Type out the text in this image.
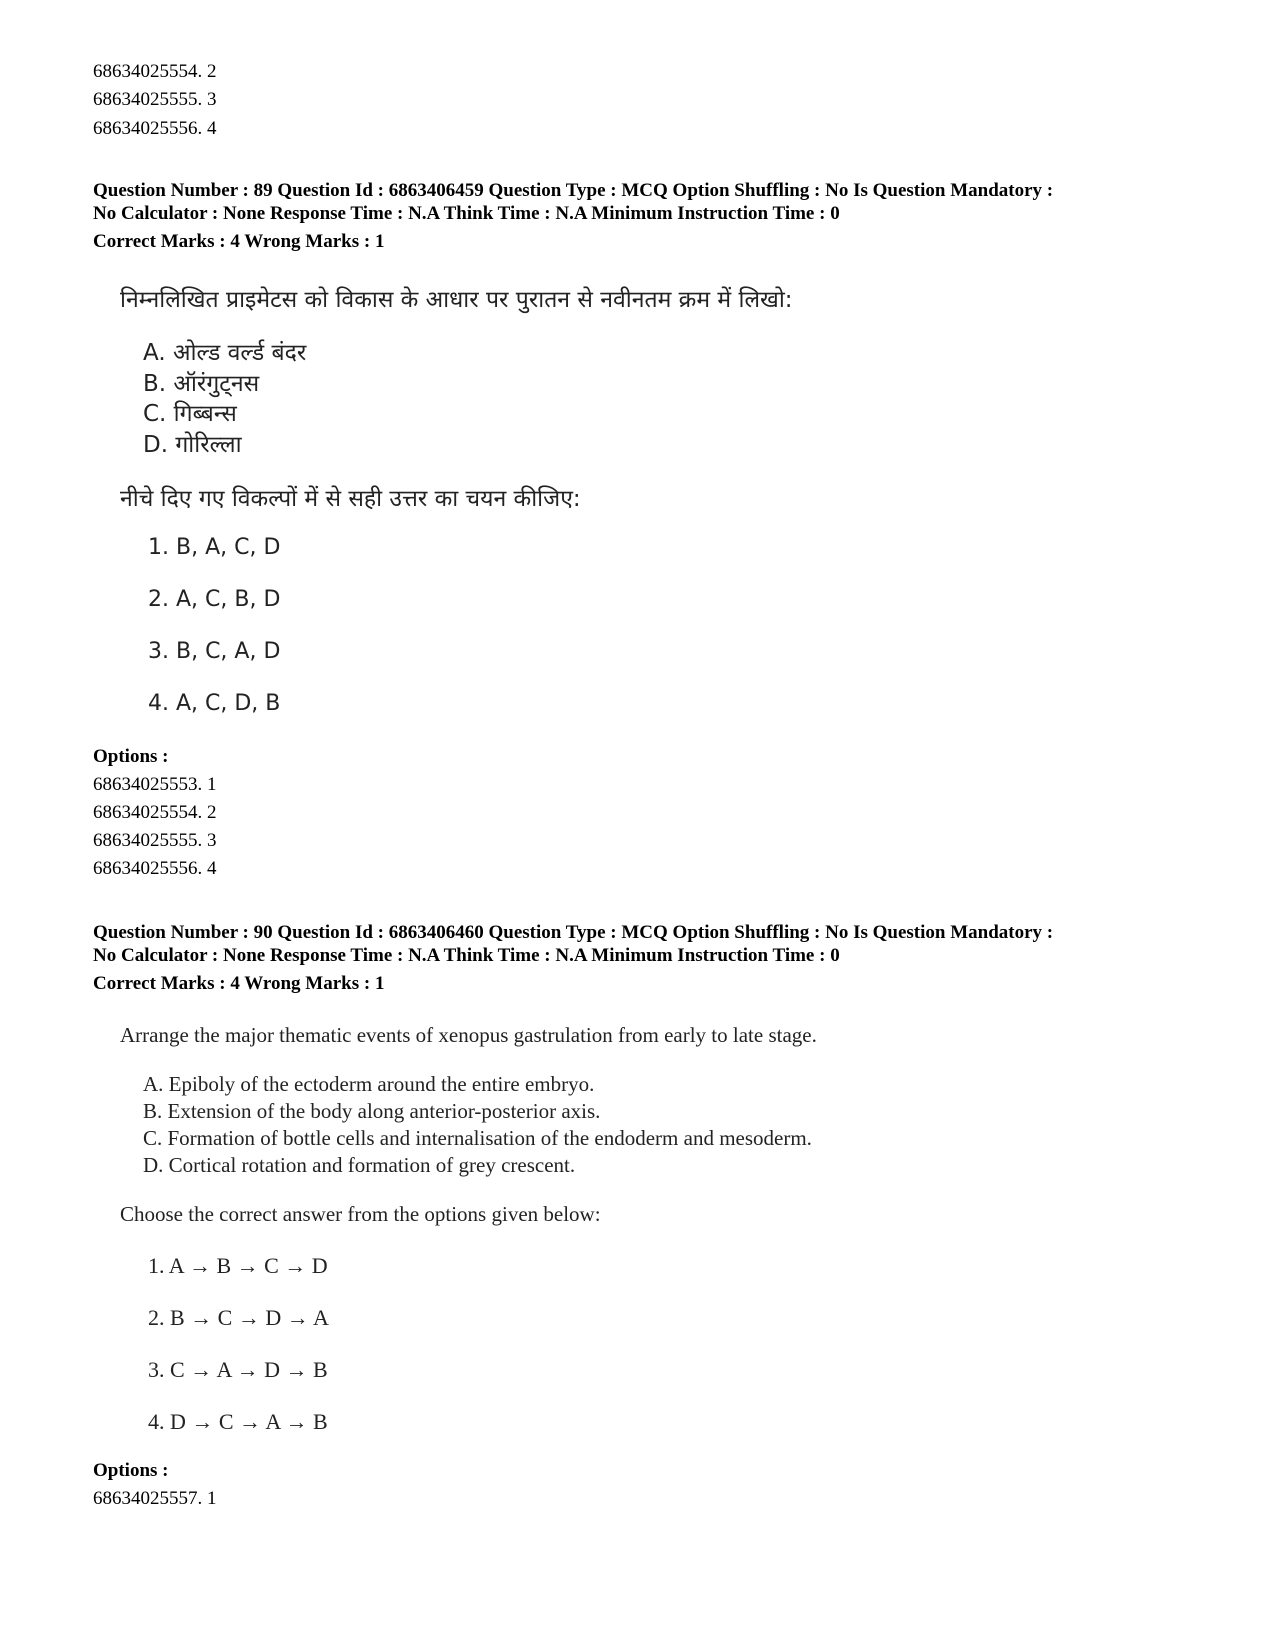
68634025554. 2
68634025555. 3
68634025556. 4
Question Number : 89 Question Id : 6863406459 Question Type : MCQ Option Shuffling : No Is Question Mandatory :
No Calculator : None Response Time : N.A Think Time : N.A Minimum Instruction Time : 0
Correct Marks : 4 Wrong Marks : 1
निम्नलिखित प्राइमेटस को विकास के आधार पर पुरातन से नवीनतम क्रम में लिखो:
A. ओल्ड वर्ल्ड बंदर
B. ऑरंगुट्नस
C. गिब्बन्स
D. गोरिल्ला
नीचे दिए गए विकल्पों में से सही उत्तर का चयन कीजिए:
1. B, A, C, D
2. A, C, B, D
3. B, C, A, D
4. A, C, D, B
Options :
68634025553. 1
68634025554. 2
68634025555. 3
68634025556. 4
Question Number : 90 Question Id : 6863406460 Question Type : MCQ Option Shuffling : No Is Question Mandatory :
No Calculator : None Response Time : N.A Think Time : N.A Minimum Instruction Time : 0
Correct Marks : 4 Wrong Marks : 1
Arrange the major thematic events of xenopus gastrulation from early to late stage.
A. Epiboly of the ectoderm around the entire embryo.
B. Extension of the body along anterior-posterior axis.
C. Formation of bottle cells and internalisation of the endoderm and mesoderm.
D. Cortical rotation and formation of grey crescent.
Choose the correct answer from the options given below:
1. A → B → C → D
2. B → C → D → A
3. C → A → D → B
4. D → C → A → B
Options :
68634025557. 1
